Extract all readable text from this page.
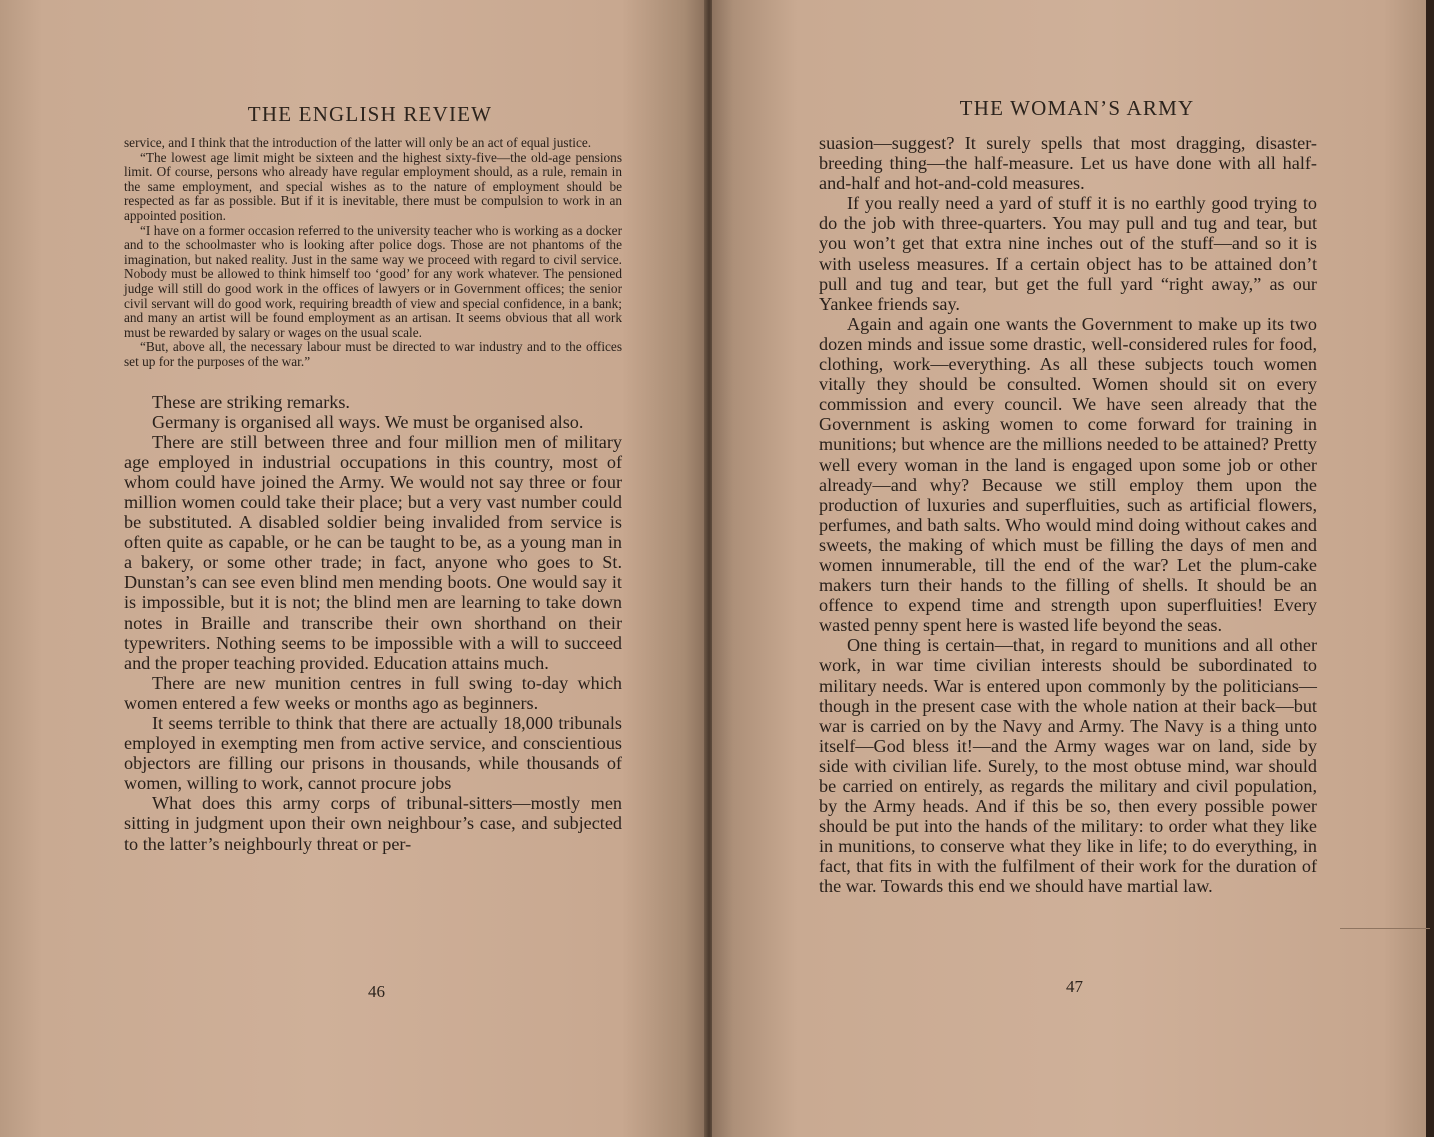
THE ENGLISH REVIEW

service, and I think that the introduction of the latter will only be an act of equal justice.

“The lowest age limit might be sixteen and the highest sixty-five—the old-age pensions limit. Of course, persons who already have regular employment should, as a rule, remain in the same employment, and special wishes as to the nature of employment should be respected as far as possible. But if it is inevitable, there must be compulsion to work in an appointed position.

“I have on a former occasion referred to the university teacher who is working as a docker and to the schoolmaster who is looking after police dogs. Those are not phantoms of the imagination, but naked reality. Just in the same way we proceed with regard to civil service. Nobody must be allowed to think himself too ‘good’ for any work whatever. The pensioned judge will still do good work in the offices of lawyers or in Government offices; the senior civil servant will do good work, requiring breadth of view and special confidence, in a bank; and many an artist will be found employment as an artisan. It seems obvious that all work must be rewarded by salary or wages on the usual scale.

“But, above all, the necessary labour must be directed to war industry and to the offices set up for the purposes of the war.”

These are striking remarks.

Germany is organised all ways. We must be organised also.

There are still between three and four million men of military age employed in industrial occupations in this country, most of whom could have joined the Army. We would not say three or four million women could take their place; but a very vast number could be substituted. A disabled soldier being invalided from service is often quite as capable, or he can be taught to be, as a young man in a bakery, or some other trade; in fact, anyone who goes to St. Dunstan’s can see even blind men mending boots. One would say it is impossible, but it is not; the blind men are learning to take down notes in Braille and transcribe their own shorthand on their typewriters. Nothing seems to be impossible with a will to succeed and the proper teaching provided. Education attains much.

There are new munition centres in full swing to-day which women entered a few weeks or months ago as beginners.

It seems terrible to think that there are actually 18,000 tribunals employed in exempting men from active service, and conscientious objectors are filling our prisons in thousands, while thousands of women, willing to work, cannot procure jobs

What does this army corps of tribunal-sitters—mostly men sitting in judgment upon their own neighbour’s case, and subjected to the latter’s neighbourly threat or per-

46
THE WOMAN’S ARMY

suasion—suggest? It surely spells that most dragging, disaster-breeding thing—the half-measure. Let us have done with all half-and-half and hot-and-cold measures.

If you really need a yard of stuff it is no earthly good trying to do the job with three-quarters. You may pull and tug and tear, but you won’t get that extra nine inches out of the stuff—and so it is with useless measures. If a certain object has to be attained don’t pull and tug and tear, but get the full yard “right away,” as our Yankee friends say.

Again and again one wants the Government to make up its two dozen minds and issue some drastic, well-considered rules for food, clothing, work—everything. As all these subjects touch women vitally they should be consulted. Women should sit on every commission and every council. We have seen already that the Government is asking women to come forward for training in munitions; but whence are the millions needed to be attained? Pretty well every woman in the land is engaged upon some job or other already—and why? Because we still employ them upon the production of luxuries and superfluities, such as artificial flowers, perfumes, and bath salts. Who would mind doing without cakes and sweets, the making of which must be filling the days of men and women innumerable, till the end of the war? Let the plum-cake makers turn their hands to the filling of shells. It should be an offence to expend time and strength upon superfluities! Every wasted penny spent here is wasted life beyond the seas.

One thing is certain—that, in regard to munitions and all other work, in war time civilian interests should be subordinated to military needs. War is entered upon commonly by the politicians—though in the present case with the whole nation at their back—but war is carried on by the Navy and Army. The Navy is a thing unto itself—God bless it!—and the Army wages war on land, side by side with civilian life. Surely, to the most obtuse mind, war should be carried on entirely, as regards the military and civil population, by the Army heads. And if this be so, then every possible power should be put into the hands of the military: to order what they like in munitions, to conserve what they like in life; to do everything, in fact, that fits in with the fulfilment of their work for the duration of the war. Towards this end we should have martial law.

47
